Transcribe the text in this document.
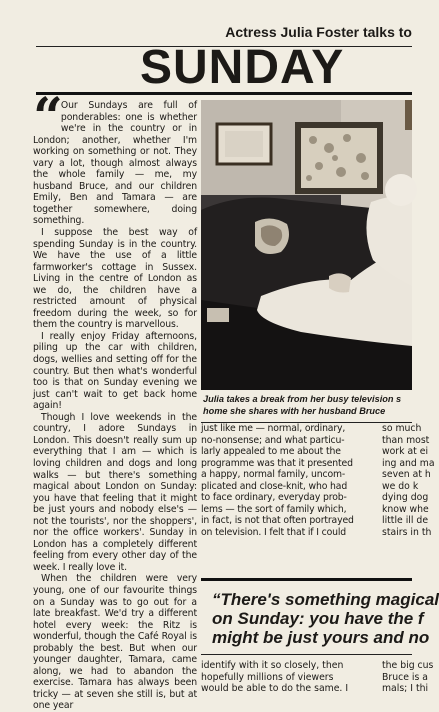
Actress Julia Foster talks to
SUNDAY

“ Our Sundays are full of ponderables: one is whether we're in the country or in London; another, whether I'm working on something or not. They vary a lot, though almost always the whole family — me, my husband Bruce, and our children Emily, Ben and Tamara — are together somewhere, doing something.

I suppose the best way of spending Sunday is in the country. We have the use of a little farmworker's cottage in Sussex. Living in the centre of London as we do, the children have a restricted amount of physical freedom during the week, so for them the country is marvellous.

I really enjoy Friday afternoons, piling up the car with children, dogs, wellies and setting off for the country. But then what's wonderful too is that on Sunday evening we just can't wait to get back home again!

Though I love weekends in the country, I adore Sundays in London. This doesn't really sum up everything that I am — which is loving children and dogs and long walks — but there's something magical about London on Sunday: you have that feeling that it might be just yours and nobody else's — not the tourists', nor the shoppers', nor the office workers'. Sunday in London has a completely different feeling from every other day of the week. I really love it.

When the children were very young, one of our favourite things on a Sunday was to go out for a late breakfast. We'd try a different hotel every week: the Ritz is wonderful, though the Café Royal is probably the best. But when our younger daughter, Tamara, came along, we had to abandon the exercise. Tamara has always been tricky — at seven she still is, but at one year

Julia takes a break from her busy television s
home she shares with her husband Bruce
just like me — normal, ordinary,
no-nonsense; and what particu-
larly appealed to me about the
programme was that it presented
a happy, normal family, uncom-
plicated and close-knit, who had
to face ordinary, everyday prob-
lems — the sort of family which,
in fact, is not that often portrayed
on television. I felt that if I could
so much
than most
work at ei
ing and ma
seven at h
we do k
dying dog
know whe
little ill de
stairs in th
“There's something magical
on Sunday: you have the f
might be just yours and no
identify with it so closely, then
hopefully millions of viewers
would be able to do the same. I
the big cus
Bruce is a
mals; I thi
